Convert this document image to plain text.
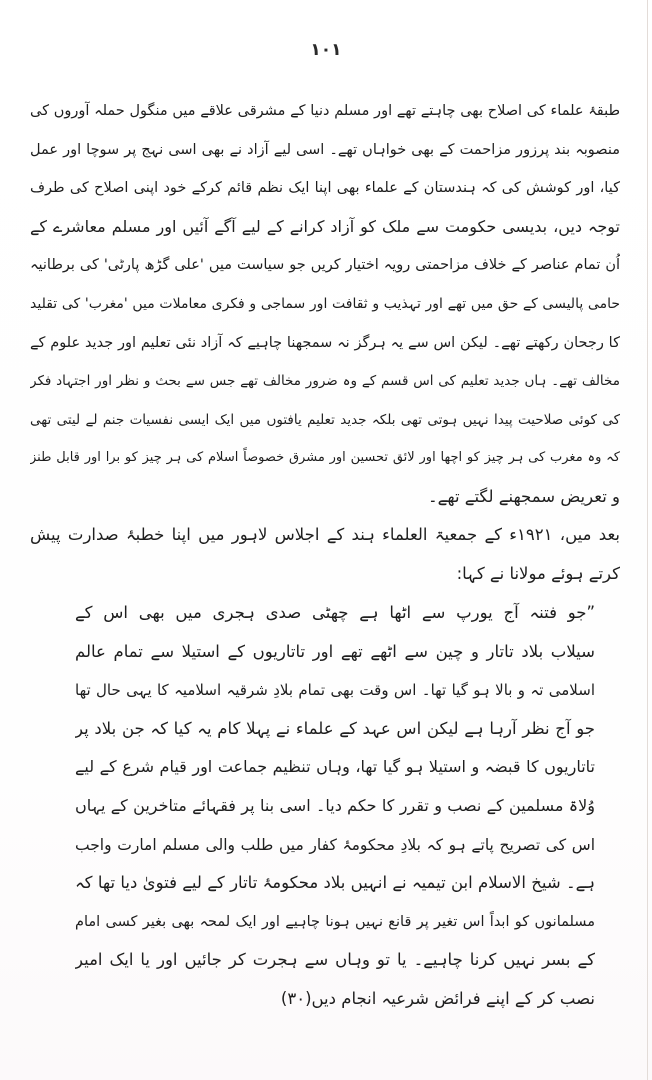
١٠١
طبقۂ علماء کی اصلاح بھی چاہتے تھے اور مسلم دنیا کے مشرقی علاقے میں منگول حملہ آوروں کی
منصوبہ بند پرزور مزاحمت کے بھی خواہاں تھے۔ اسی لیے آزاد نے بھی اسی نہج پر سوچا اور عمل
کیا، اور کوشش کی کہ ہندستان کے علماء بھی اپنا ایک نظم قائم کرکے خود اپنی اصلاح کی طرف
توجہ دیں، بدیسی حکومت سے ملک کو آزاد کرانے کے لیے آگے آئیں اور مسلم معاشرے کے
اُن تمام عناصر کے خلاف مزاحمتی رویہ اختیار کریں جو سیاست میں 'علی گڑھ پارٹی' کی برطانیہ
حامی پالیسی کے حق میں تھے اور تہذیب و ثقافت اور سماجی و فکری معاملات میں 'مغرب' کی تقلید
کا رجحان رکھتے تھے۔ لیکن اس سے یہ ہرگز نہ سمجھنا چاہیے کہ آزاد نئی تعلیم اور جدید علوم کے
مخالف تھے۔ ہاں جدید تعلیم کی اس قسم کے وہ ضرور مخالف تھے جس سے بحث و نظر اور اجتہاد فکر
کی کوئی صلاحیت پیدا نہیں ہوتی تھی بلکہ جدید تعلیم یافتوں میں ایک ایسی نفسیات جنم لے لیتی تھی
کہ وہ مغرب کی ہر چیز کو اچھا اور لائق تحسین اور مشرق خصوصاً اسلام کی ہر چیز کو برا اور قابل طنز
و تعریض سمجھنے لگتے تھے۔
بعد میں، ١٩٢١ء کے جمعیۃ العلماء ہند کے اجلاس لاہور میں اپنا خطبۂ صدارت پیش
کرتے ہوئے مولانا نے کہا:
”جو فتنہ آج یورپ سے اٹھا ہے چھٹی صدی ہجری میں بھی اس کے
سیلاب بلاد تاتار و چین سے اٹھے تھے اور تاتاریوں کے استیلا سے تمام عالم
اسلامی تہ و بالا ہو گیا تھا۔ اس وقت بھی تمام بلادِ شرقیہ اسلامیہ کا یہی حال تھا
جو آج نظر آرہا ہے لیکن اس عہد کے علماء نے پہلا کام یہ کیا کہ جن بلاد پر
تاتاریوں کا قبضہ و استیلا ہو گیا تھا، وہاں تنظیم جماعت اور قیام شرع کے لیے
وُلاۃ مسلمین کے نصب و تقرر کا حکم دیا۔ اسی بنا پر فقہائے متاخرین کے یہاں
اس کی تصریح پاتے ہو کہ بلادِ محکومۂ کفار میں طلب والی مسلم امارت واجب
ہے۔ شیخ الاسلام ابن تیمیہ نے انہیں بلاد محکومۂ تاتار کے لیے فتویٰ دیا تھا کہ
مسلمانوں کو ابداً اس تغیر پر قانع نہیں ہونا چاہیے اور ایک لمحہ بھی بغیر کسی امام
کے بسر نہیں کرنا چاہیے۔ یا تو وہاں سے ہجرت کر جائیں اور یا ایک امیر
نصب کر کے اپنے فرائض شرعیہ انجام دیں(٣٠)
